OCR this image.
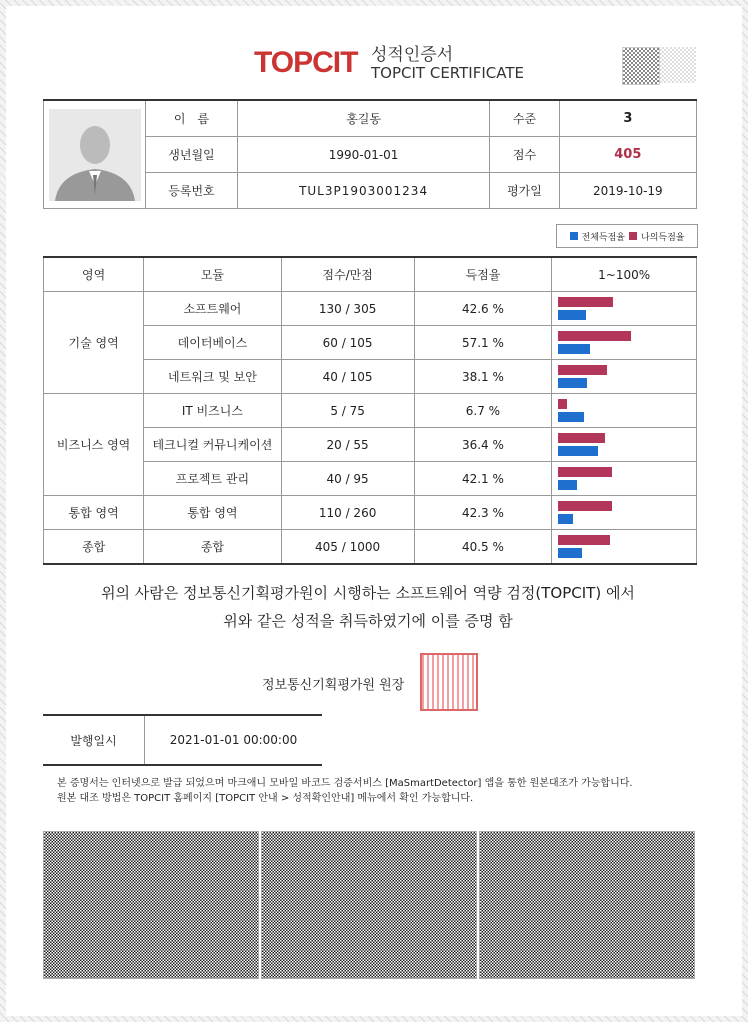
TOPCIT 성적인증서
TOPCIT CERTIFICATE
	이　름	홍길동	수준	3
	생년월일	1990-01-01	점수	405
	등록번호	TUL3P1903001234	평가일	2019-10-19
전체득점율 나의득점율
영역	모듈	점수/만점	득점율	1~100%
기술 영역	소프트웨어	130 / 305	42.6 %	

	데이터베이스	60 / 105	57.1 %	

	네트워크 및 보안	40 / 105	38.1 %	

비즈니스 영역	IT 비즈니스	5 / 75	6.7 %	

	테크니컬 커뮤니케이션	20 / 55	36.4 %	

	프로젝트 관리	40 / 95	42.1 %	

통합 영역	통합 영역	110 / 260	42.3 %	

종합	종합	405 / 1000	40.5 %	
위의 사람은 정보통신기획평가원이 시행하는 소프트웨어 역량 검정(TOPCIT) 에서
위와 같은 성적을 취득하였기에 이를 증명 함
정보통신기획평가원 원장
발행일시	2021-01-01 00:00:00
본 증명서는 인터넷으로 발급 되었으며 마크애니 모바일 바코드 검증서비스 [MaSmartDetector] 앱을 통한 원본대조가 가능합니다.
원본 대조 방법은 TOPCIT 홈페이지 [TOPCIT 안내 > 성적확인안내] 메뉴에서 확인 가능합니다.
